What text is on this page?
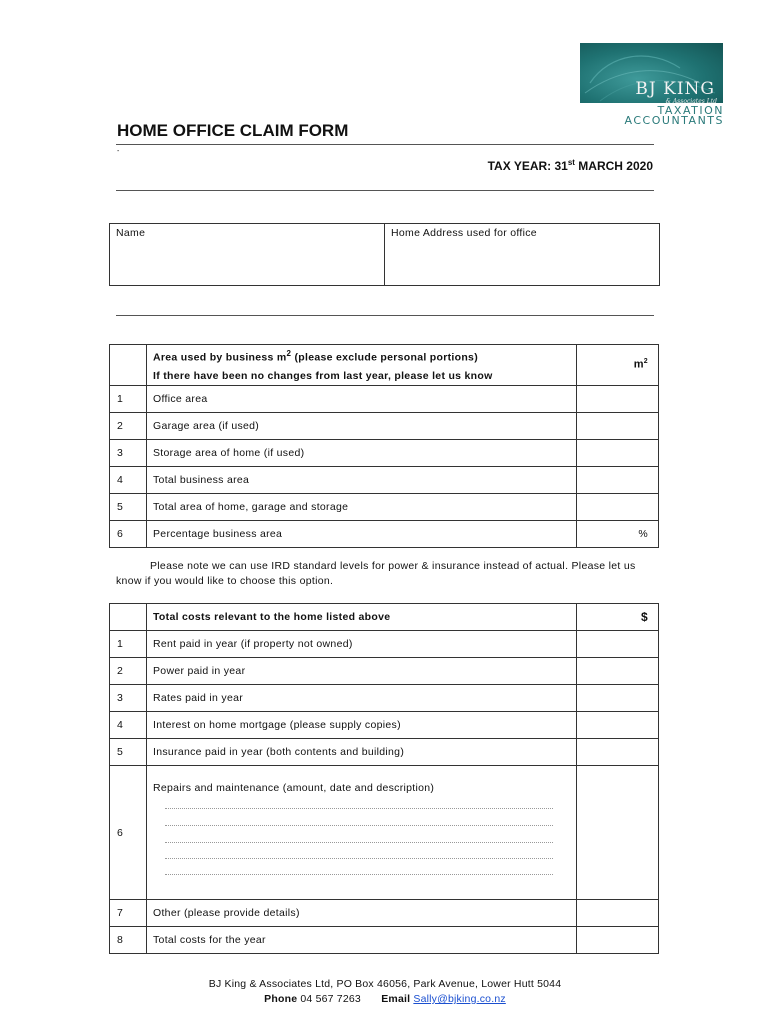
BJ KING
& Associates Ltd
TAXATION
ACCOUNTANTS
HOME OFFICE CLAIM FORM
-
TAX YEAR: 31st MARCH 2020
Name	Home Address used for office

	Area used by business $m^2$ (please exclude personal portions)
If there have been no changes from last year, please let us know	$m^2$
1	Office area	
2	Garage area (if used)	
3	Storage area of home (if used)	
4	Total business area	
5	Total area of home, garage and storage	
6	Percentage business area	%
Please note we can use IRD standard levels for power & insurance instead of actual. Please let us know if you would like to choose this option.
	Total costs relevant to the home listed above	$
1	Rent paid in year (if property not owned)	
2	Power paid in year	
3	Rates paid in year	
4	Interest on home mortgage (please supply copies)	
5	Insurance paid in year (both contents and building)	
6	Repairs and maintenance (amount, date and description)	

7	Other (please provide details)	
8	Total costs for the year	
BJ King & Associates Ltd, PO Box 46056, Park Avenue, Lower Hutt 5044
Phone 04 567 7263 Email Sally@bjking.co.nz
